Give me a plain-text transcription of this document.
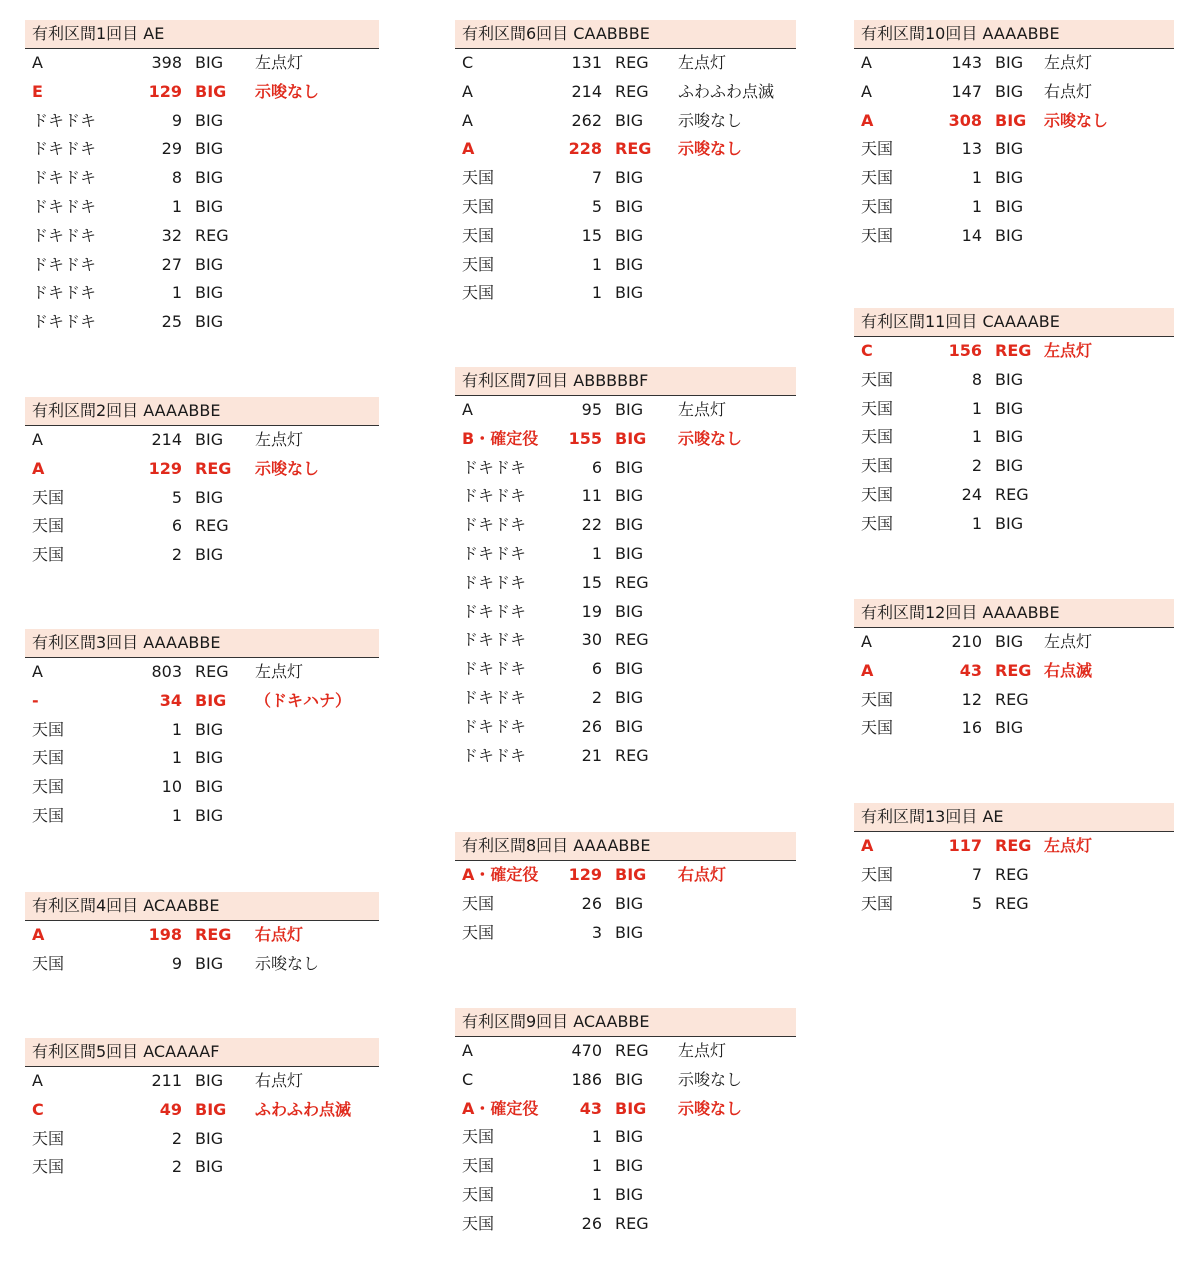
有利区間1回目 AE
A	398 BIG 左点灯
E	129 BIG 示唆なし
ドキドキ	9 BIG
ドキドキ	29 BIG
ドキドキ	8 BIG
ドキドキ	1 BIG
ドキドキ	32 REG
ドキドキ	27 BIG
ドキドキ	1 BIG
ドキドキ	25 BIG
有利区間2回目 AAAABBE
A	214 BIG 左点灯
A	129 REG 示唆なし
天国	5 BIG
天国	6 REG
天国	2 BIG
有利区間3回目 AAAABBE
A	803 REG 左点灯
-	34 BIG （ドキハナ）
天国	1 BIG
天国	1 BIG
天国	10 BIG
天国	1 BIG
有利区間4回目 ACAABBE
A	198 REG 右点灯
天国	9 BIG 示唆なし
有利区間5回目 ACAAAAF
A	211 BIG 右点灯
C	49 BIG ふわふわ点滅
天国	2 BIG
天国	2 BIG
有利区間6回目 CAABBBE
C	131 REG 左点灯
A	214 REG ふわふわ点滅
A	262 BIG 示唆なし
A	228 REG 示唆なし
天国	7 BIG
天国	5 BIG
天国	15 BIG
天国	1 BIG
天国	1 BIG
有利区間7回目 ABBBBBF
A	95 BIG 左点灯
B・確定役	155 BIG 示唆なし
ドキドキ	6 BIG
ドキドキ	11 BIG
ドキドキ	22 BIG
ドキドキ	1 BIG
ドキドキ	15 REG
ドキドキ	19 BIG
ドキドキ	30 REG
ドキドキ	6 BIG
ドキドキ	2 BIG
ドキドキ	26 BIG
ドキドキ	21 REG
有利区間8回目 AAAABBE
A・確定役	129 BIG 右点灯
天国	26 BIG
天国	3 BIG
有利区間9回目 ACAABBE
A	470 REG 左点灯
C	186 BIG 示唆なし
A・確定役	43 BIG 示唆なし
天国	1 BIG
天国	1 BIG
天国	1 BIG
天国	26 REG
有利区間10回目 AAAABBE
A	143 BIG 左点灯
A	147 BIG 右点灯
A	308 BIG 示唆なし
天国	13 BIG
天国	1 BIG
天国	1 BIG
天国	14 BIG
有利区間11回目 CAAAABE
C	156 REG 左点灯
天国	8 BIG
天国	1 BIG
天国	1 BIG
天国	2 BIG
天国	24 REG
天国	1 BIG
有利区間12回目 AAAABBE
A	210 BIG 左点灯
A	43 REG 右点滅
天国	12 REG
天国	16 BIG
有利区間13回目 AE
A	117 REG 左点灯
天国	7 REG
天国	5 REG
